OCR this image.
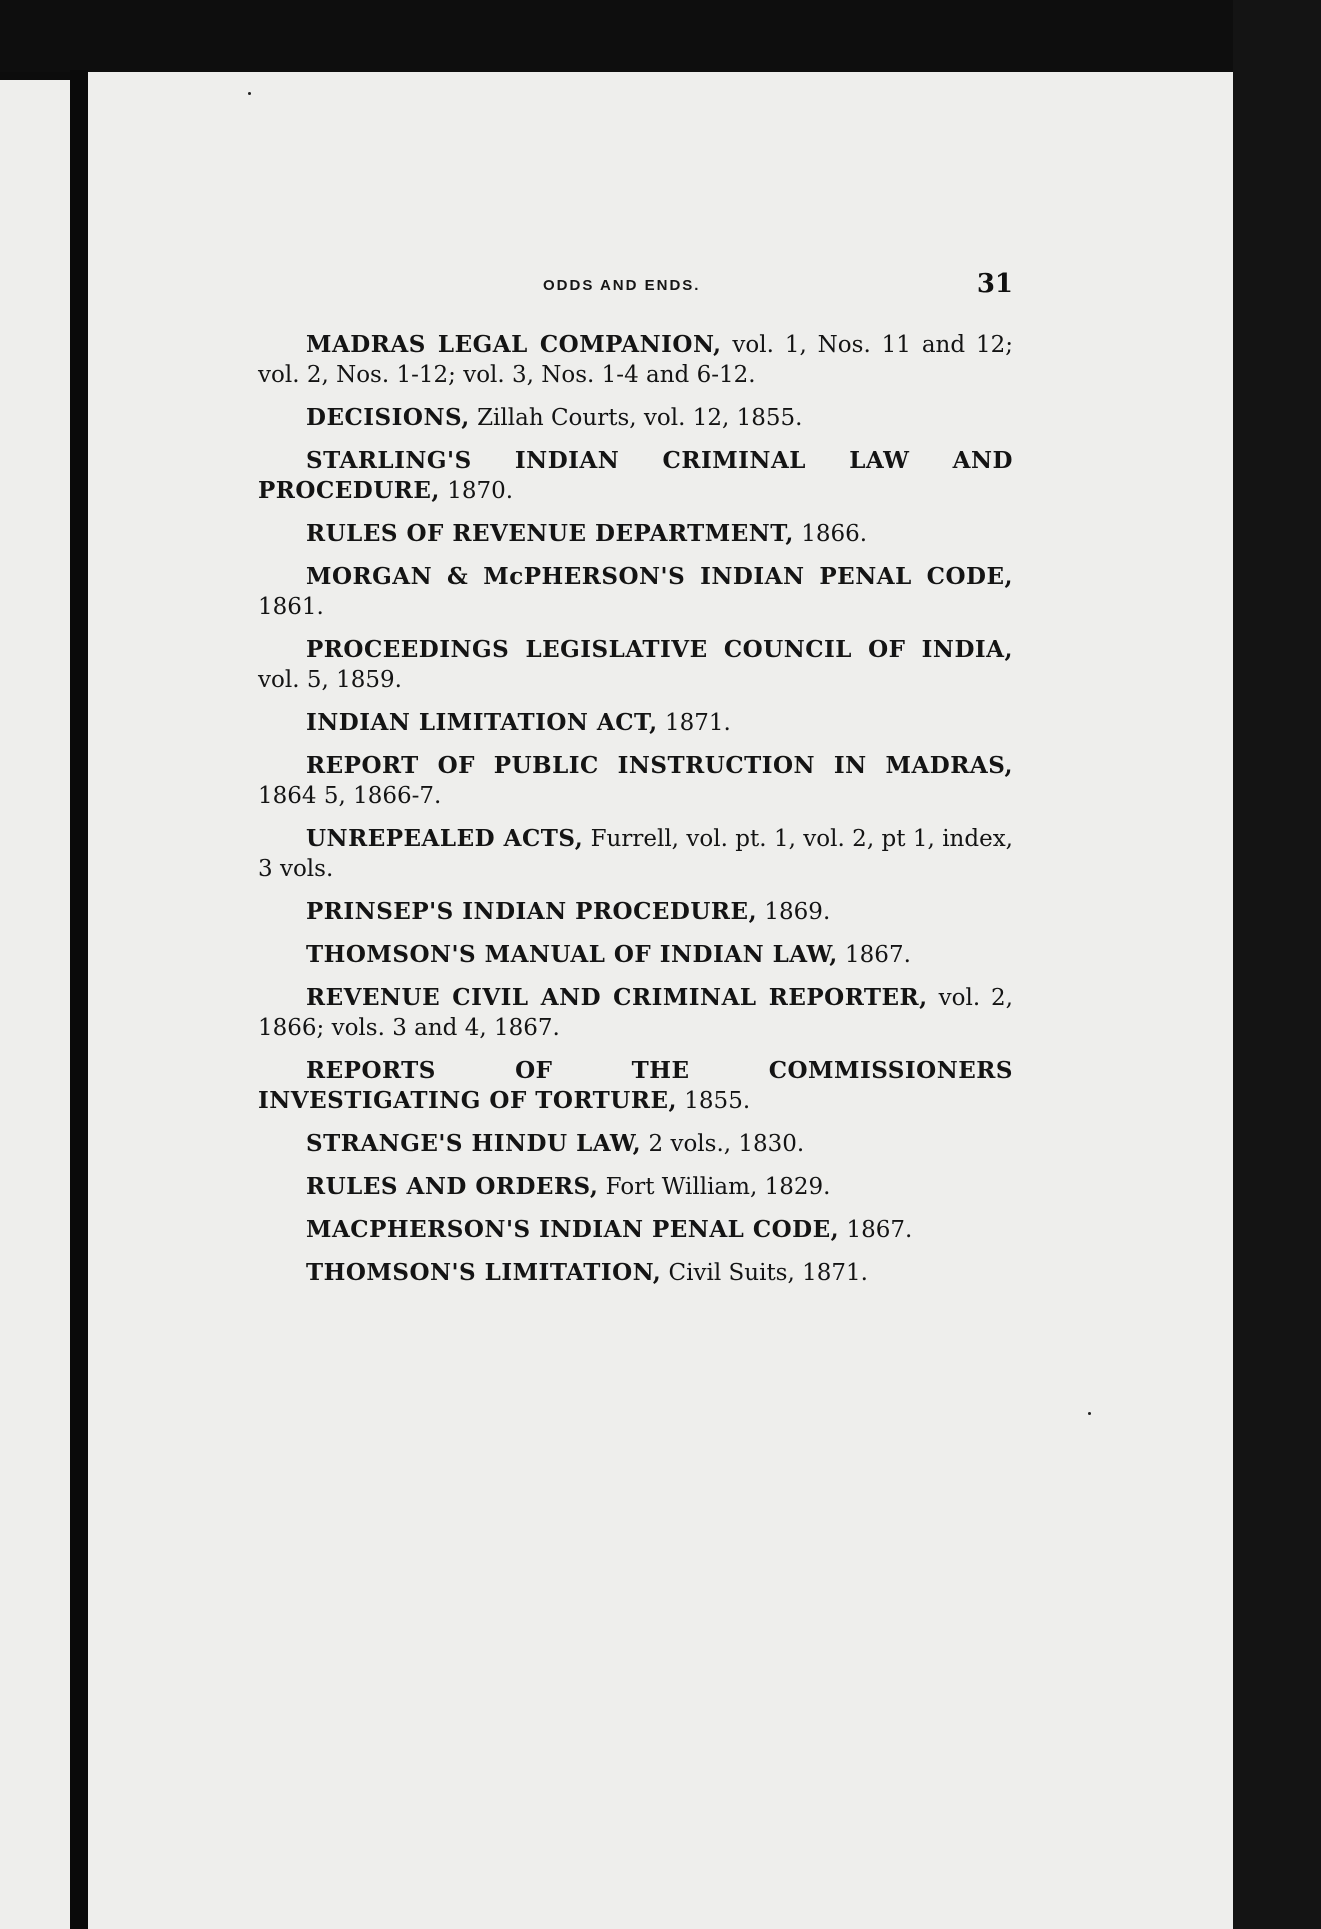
ODDS AND ENDS.	31

MADRAS LEGAL COMPANION, vol. 1, Nos. 11 and 12; vol. 2, Nos. 1-12; vol. 3, Nos. 1-4 and 6-12.

DECISIONS, Zillah Courts, vol. 12, 1855.

STARLING'S INDIAN CRIMINAL LAW AND PROCEDURE, 1870.

RULES OF REVENUE DEPARTMENT, 1866.

MORGAN & McPHERSON'S INDIAN PENAL CODE, 1861.

PROCEEDINGS LEGISLATIVE COUNCIL OF INDIA, vol. 5, 1859.

INDIAN LIMITATION ACT, 1871.

REPORT OF PUBLIC INSTRUCTION IN MADRAS, 1864 5, 1866-7.

UNREPEALED ACTS, Furrell, vol. pt. 1, vol. 2, pt 1, index, 3 vols.

PRINSEP'S INDIAN PROCEDURE, 1869.

THOMSON'S MANUAL OF INDIAN LAW, 1867.

REVENUE CIVIL AND CRIMINAL REPORTER, vol. 2, 1866; vols. 3 and 4, 1867.

REPORTS OF THE COMMISSIONERS INVESTIGATING OF TORTURE, 1855.

STRANGE'S HINDU LAW, 2 vols., 1830.

RULES AND ORDERS, Fort William, 1829.

MACPHERSON'S INDIAN PENAL CODE, 1867.

THOMSON'S LIMITATION, Civil Suits, 1871.
